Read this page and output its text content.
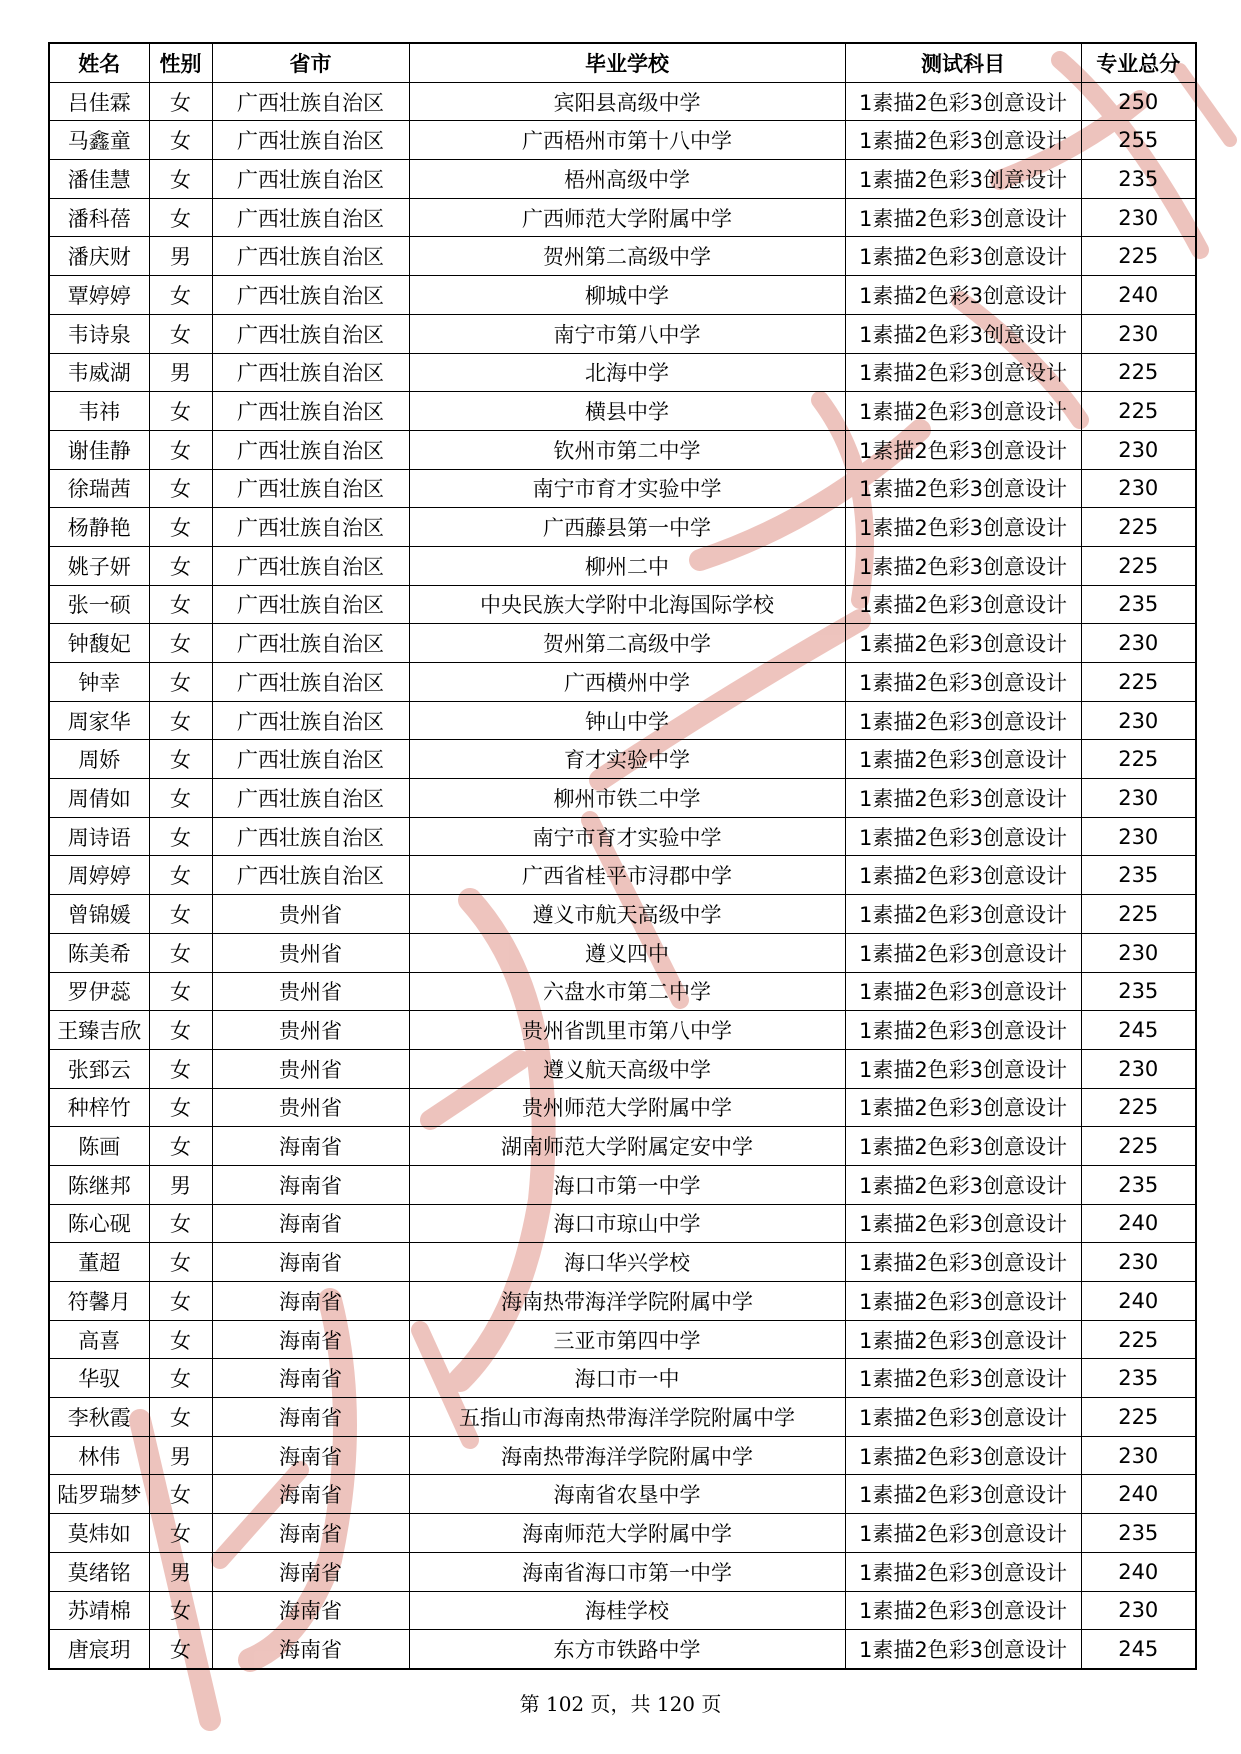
姓名	性别	省市	毕业学校	测试科目	专业总分
吕佳霖	女	广西壮族自治区	宾阳县高级中学	1素描2色彩3创意设计	250
马鑫童	女	广西壮族自治区	广西梧州市第十八中学	1素描2色彩3创意设计	255
潘佳慧	女	广西壮族自治区	梧州高级中学	1素描2色彩3创意设计	235
潘科蓓	女	广西壮族自治区	广西师范大学附属中学	1素描2色彩3创意设计	230
潘庆财	男	广西壮族自治区	贺州第二高级中学	1素描2色彩3创意设计	225
覃婷婷	女	广西壮族自治区	柳城中学	1素描2色彩3创意设计	240
韦诗泉	女	广西壮族自治区	南宁市第八中学	1素描2色彩3创意设计	230
韦威湖	男	广西壮族自治区	北海中学	1素描2色彩3创意设计	225
韦祎	女	广西壮族自治区	横县中学	1素描2色彩3创意设计	225
谢佳静	女	广西壮族自治区	钦州市第二中学	1素描2色彩3创意设计	230
徐瑞茜	女	广西壮族自治区	南宁市育才实验中学	1素描2色彩3创意设计	230
杨静艳	女	广西壮族自治区	广西藤县第一中学	1素描2色彩3创意设计	225
姚子妍	女	广西壮族自治区	柳州二中	1素描2色彩3创意设计	225
张一硕	女	广西壮族自治区	中央民族大学附中北海国际学校	1素描2色彩3创意设计	235
钟馥妃	女	广西壮族自治区	贺州第二高级中学	1素描2色彩3创意设计	230
钟幸	女	广西壮族自治区	广西横州中学	1素描2色彩3创意设计	225
周家华	女	广西壮族自治区	钟山中学	1素描2色彩3创意设计	230
周娇	女	广西壮族自治区	育才实验中学	1素描2色彩3创意设计	225
周倩如	女	广西壮族自治区	柳州市铁二中学	1素描2色彩3创意设计	230
周诗语	女	广西壮族自治区	南宁市育才实验中学	1素描2色彩3创意设计	230
周婷婷	女	广西壮族自治区	广西省桂平市浔郡中学	1素描2色彩3创意设计	235
曾锦媛	女	贵州省	遵义市航天高级中学	1素描2色彩3创意设计	225
陈美希	女	贵州省	遵义四中	1素描2色彩3创意设计	230
罗伊蕊	女	贵州省	六盘水市第二中学	1素描2色彩3创意设计	235
王臻吉欣	女	贵州省	贵州省凯里市第八中学	1素描2色彩3创意设计	245
张郅云	女	贵州省	遵义航天高级中学	1素描2色彩3创意设计	230
种梓竹	女	贵州省	贵州师范大学附属中学	1素描2色彩3创意设计	225
陈画	女	海南省	湖南师范大学附属定安中学	1素描2色彩3创意设计	225
陈继邦	男	海南省	海口市第一中学	1素描2色彩3创意设计	235
陈心砚	女	海南省	海口市琼山中学	1素描2色彩3创意设计	240
董超	女	海南省	海口华兴学校	1素描2色彩3创意设计	230
符馨月	女	海南省	海南热带海洋学院附属中学	1素描2色彩3创意设计	240
高喜	女	海南省	三亚市第四中学	1素描2色彩3创意设计	225
华驭	女	海南省	海口市一中	1素描2色彩3创意设计	235
李秋霞	女	海南省	五指山市海南热带海洋学院附属中学	1素描2色彩3创意设计	225
林伟	男	海南省	海南热带海洋学院附属中学	1素描2色彩3创意设计	230
陆罗瑞梦	女	海南省	海南省农垦中学	1素描2色彩3创意设计	240
莫炜如	女	海南省	海南师范大学附属中学	1素描2色彩3创意设计	235
莫绪铭	男	海南省	海南省海口市第一中学	1素描2色彩3创意设计	240
苏靖棉	女	海南省	海桂学校	1素描2色彩3创意设计	230
唐宸玥	女	海南省	东方市铁路中学	1素描2色彩3创意设计	245
第 102 页，共 120 页
